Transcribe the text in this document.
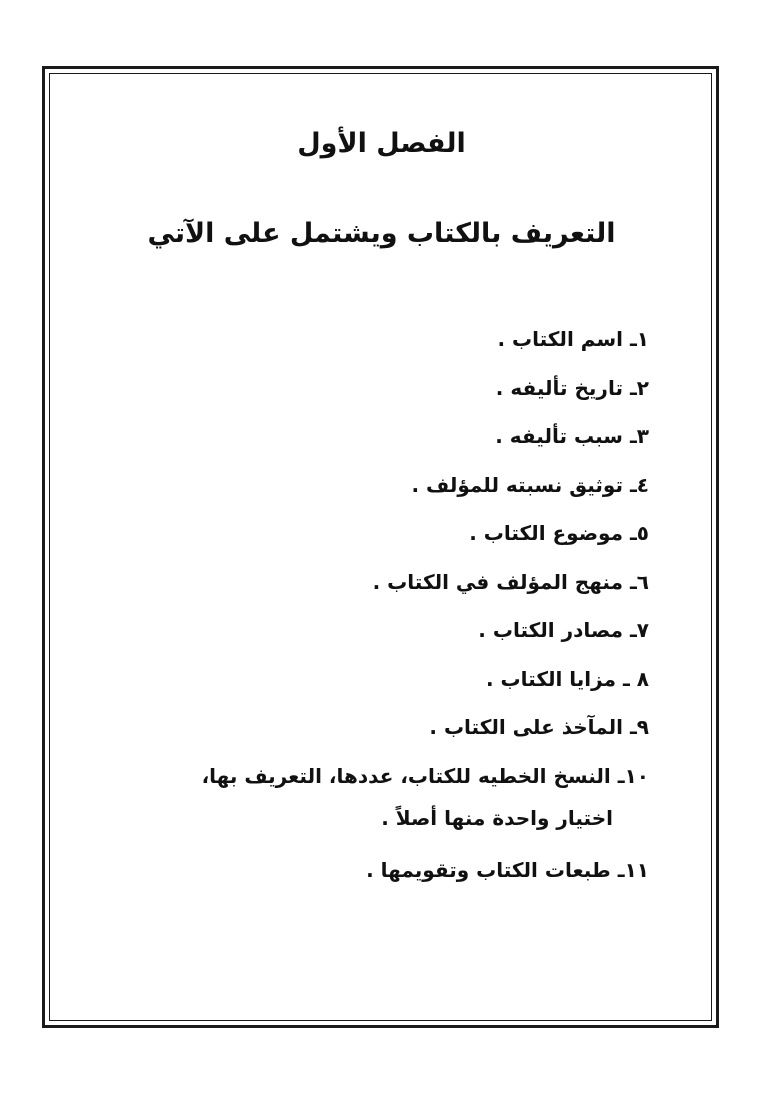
الفصل الأول
التعريف بالكتاب ويشتمل على الآتي
١ـ اسم الكتاب .
٢ـ تاريخ تأليفه .
٣ـ سبب تأليفه .
٤ـ توثيق نسبته للمؤلف .
٥ـ موضوع الكتاب .
٦ـ منهج المؤلف في الكتاب .
٧ـ مصادر الكتاب .
٨ ـ مزايا الكتاب .
٩ـ المآخذ على الكتاب .
١٠ـ النسخ الخطيه للكتاب، عددها، التعريف بها،
اختيار واحدة منها أصلاً .
١١ـ طبعات الكتاب وتقويمها .
